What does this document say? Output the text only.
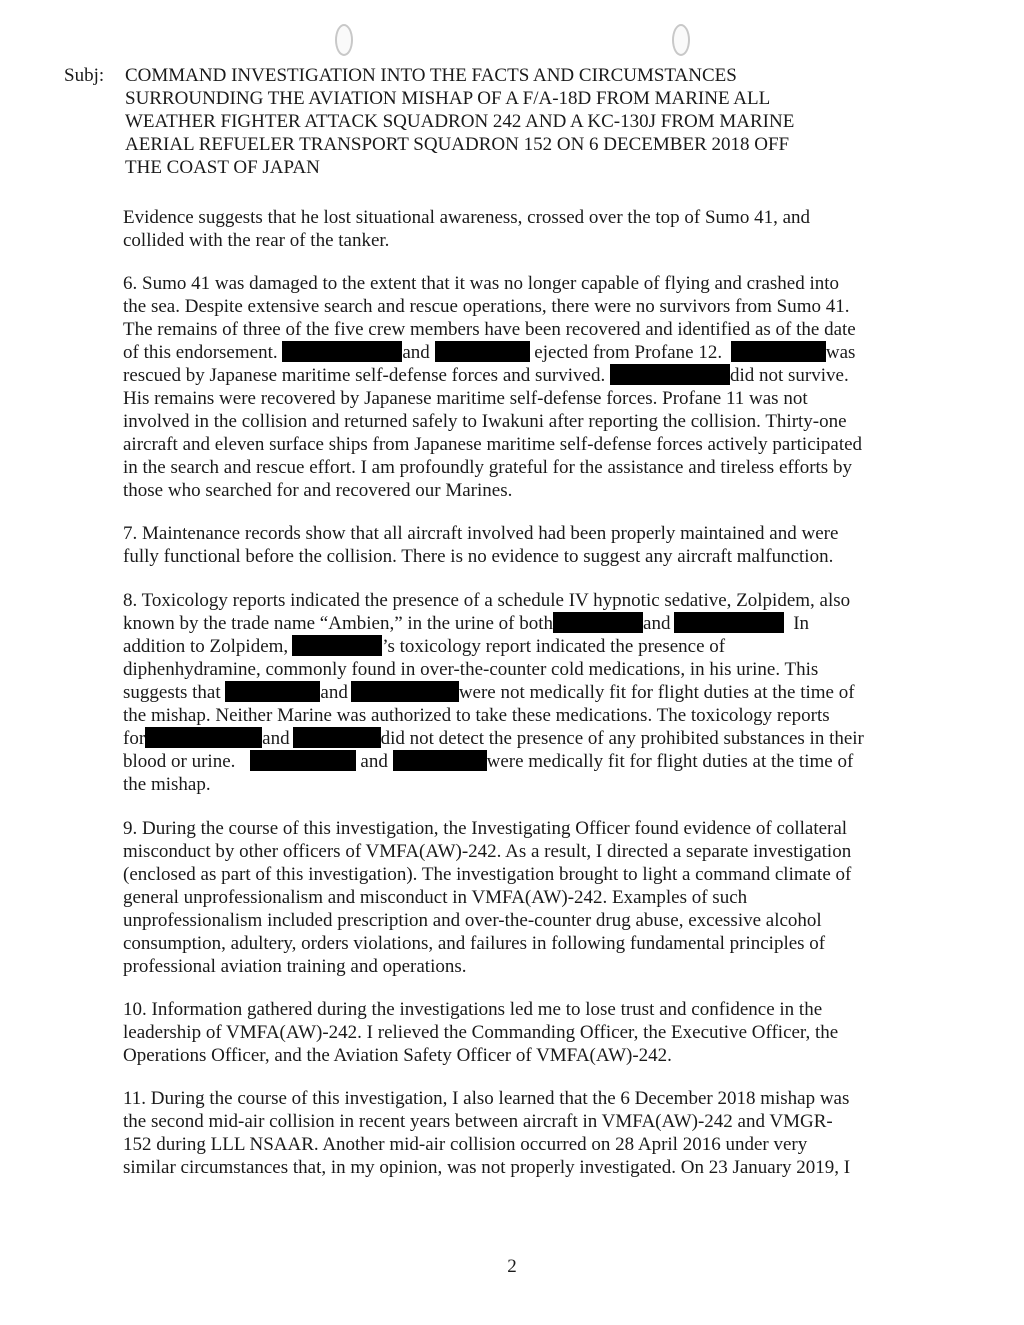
Subj: COMMAND INVESTIGATION INTO THE FACTS AND CIRCUMSTANCES
SURROUNDING THE AVIATION MISHAP OF A F/A-18D FROM MARINE ALL
WEATHER FIGHTER ATTACK SQUADRON 242 AND A KC-130J FROM MARINE
AERIAL REFUELER TRANSPORT SQUADRON 152 ON 6 DECEMBER 2018 OFF
THE COAST OF JAPAN
Evidence suggests that he lost situational awareness, crossed over the top of Sumo 41, and
collided with the rear of the tanker.
6. Sumo 41 was damaged to the extent that it was no longer capable of flying and crashed into
the sea. Despite extensive search and rescue operations, there were no survivors from Sumo 41.
The remains of three of the five crew members have been recovered and identified as of the date
of this endorsement.	and	ejected from Profane 12.	was
rescued by Japanese maritime self-defense forces and survived.	did not survive.
His remains were recovered by Japanese maritime self-defense forces. Profane 11 was not
involved in the collision and returned safely to Iwakuni after reporting the collision. Thirty-one
aircraft and eleven surface ships from Japanese maritime self-defense forces actively participated
in the search and rescue effort. I am profoundly grateful for the assistance and tireless efforts by
those who searched for and recovered our Marines.
7. Maintenance records show that all aircraft involved had been properly maintained and were
fully functional before the collision. There is no evidence to suggest any aircraft malfunction.
8. Toxicology reports indicated the presence of a schedule IV hypnotic sedative, Zolpidem, also
known by the trade name “Ambien,” in the urine of both	and	In
addition to Zolpidem,	’s toxicology report indicated the presence of
diphenhydramine, commonly found in over-the-counter cold medications, in his urine. This
suggests that	and	were not medically fit for flight duties at the time of
the mishap. Neither Marine was authorized to take these medications. The toxicology reports
for	and	did not detect the presence of any prohibited substances in their
blood or urine.	and	were medically fit for flight duties at the time of
the mishap.
9. During the course of this investigation, the Investigating Officer found evidence of collateral
misconduct by other officers of VMFA(AW)-242. As a result, I directed a separate investigation
(enclosed as part of this investigation). The investigation brought to light a command climate of
general unprofessionalism and misconduct in VMFA(AW)-242. Examples of such
unprofessionalism included prescription and over-the-counter drug abuse, excessive alcohol
consumption, adultery, orders violations, and failures in following fundamental principles of
professional aviation training and operations.
10. Information gathered during the investigations led me to lose trust and confidence in the
leadership of VMFA(AW)-242. I relieved the Commanding Officer, the Executive Officer, the
Operations Officer, and the Aviation Safety Officer of VMFA(AW)-242.
11. During the course of this investigation, I also learned that the 6 December 2018 mishap was
the second mid-air collision in recent years between aircraft in VMFA(AW)-242 and VMGR-
152 during LLL NSAAR. Another mid-air collision occurred on 28 April 2016 under very
similar circumstances that, in my opinion, was not properly investigated. On 23 January 2019, I
2
